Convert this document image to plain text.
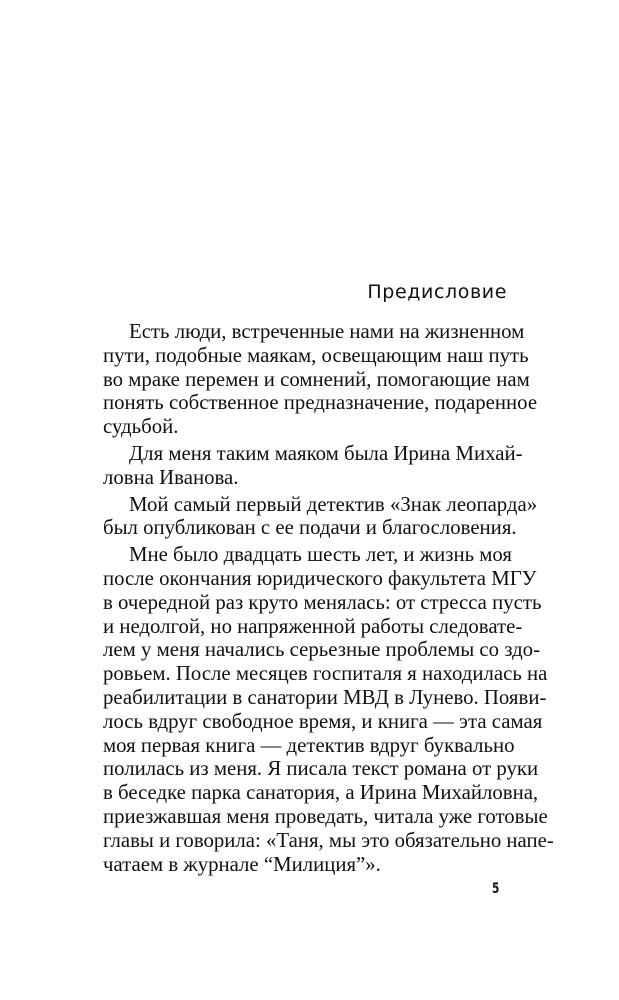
Предисловие
Есть люди, встреченные нами на жизненном
пути, подобные маякам, освещающим наш путь
во мраке перемен и сомнений, помогающие нам
понять собственное предназначение, подаренное
судьбой.
Для меня таким маяком была Ирина Михай-
ловна Иванова.
Мой самый первый детектив «Знак леопарда»
был опубликован с ее подачи и благословения.
Мне было двадцать шесть лет, и жизнь моя
после окончания юридического факультета МГУ
в очередной раз круто менялась: от стресса пусть
и недолгой, но напряженной работы следовате-
лем у меня начались серьезные проблемы со здо-
ровьем. После месяцев госпиталя я находилась на
реабилитации в санатории МВД в Лунево. Появи-
лось вдруг свободное время, и книга — эта самая
моя первая книга — детектив вдруг буквально
полилась из меня. Я писала текст романа от руки
в беседке парка санатория, а Ирина Михайловна,
приезжавшая меня проведать, читала уже готовые
главы и говорила: «Таня, мы это обязательно напе-
чатаем в журнале “Милиция”».
5
